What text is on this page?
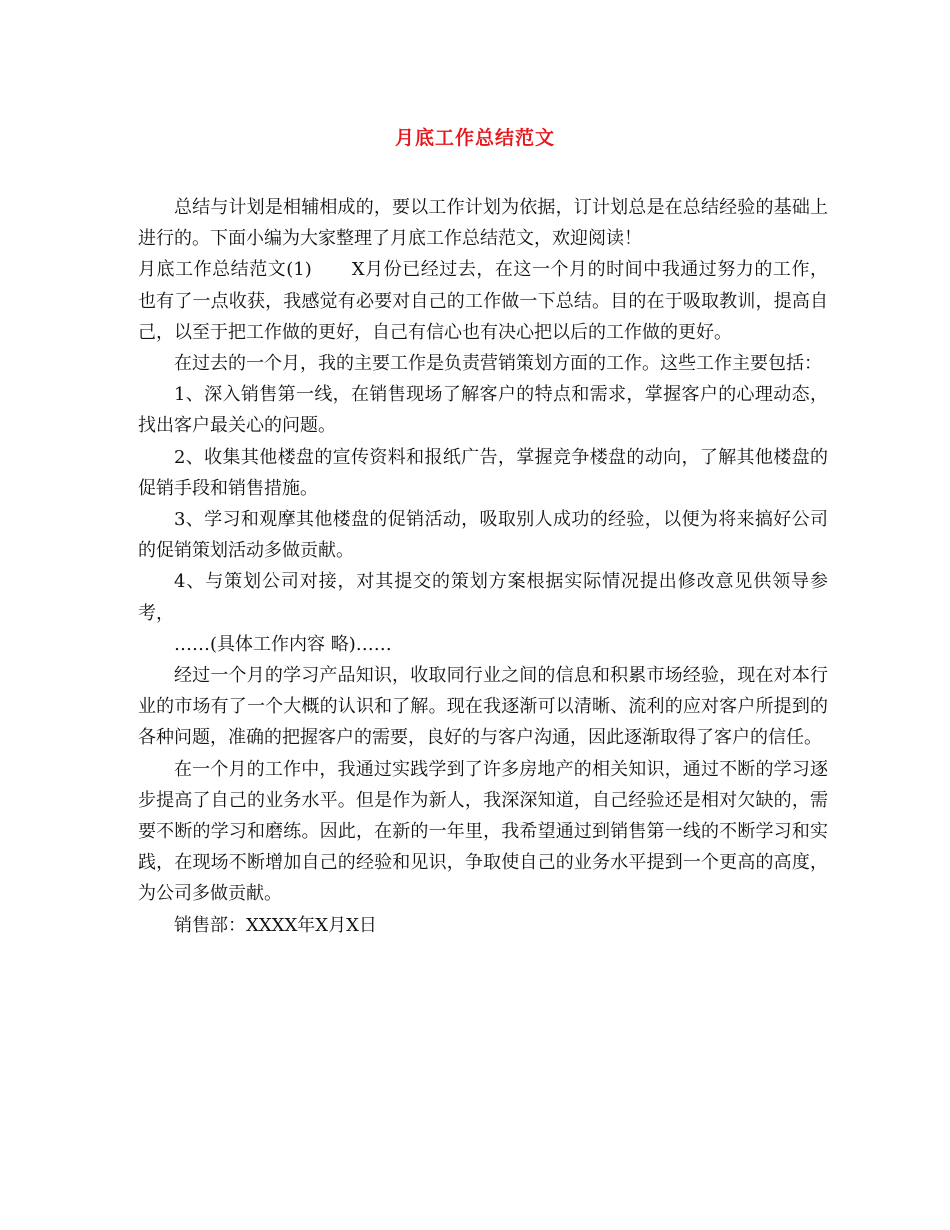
月底工作总结范文

总结与计划是相辅相成的，要以工作计划为依据，订计划总是在总结经验的基础上进行的。下面小编为大家整理了月底工作总结范文，欢迎阅读！

月底工作总结范文(1) X月份已经过去，在这一个月的时间中我通过努力的工作，也有了一点收获，我感觉有必要对自己的工作做一下总结。目的在于吸取教训，提高自己，以至于把工作做的更好，自己有信心也有决心把以后的工作做的更好。

在过去的一个月，我的主要工作是负责营销策划方面的工作。这些工作主要包括：

1、深入销售第一线，在销售现场了解客户的特点和需求，掌握客户的心理动态，找出客户最关心的问题。

2、收集其他楼盘的宣传资料和报纸广告，掌握竞争楼盘的动向，了解其他楼盘的促销手段和销售措施。

3、学习和观摩其他楼盘的促销活动，吸取别人成功的经验，以便为将来搞好公司的促销策划活动多做贡献。

4、与策划公司对接，对其提交的策划方案根据实际情况提出修改意见供领导参考，

……(具体工作内容 略)……

经过一个月的学习产品知识，收取同行业之间的信息和积累市场经验，现在对本行业的市场有了一个大概的认识和了解。现在我逐渐可以清晰、流利的应对客户所提到的各种问题，准确的把握客户的需要，良好的与客户沟通，因此逐渐取得了客户的信任。

在一个月的工作中，我通过实践学到了许多房地产的相关知识，通过不断的学习逐步提高了自己的业务水平。但是作为新人，我深深知道，自己经验还是相对欠缺的，需要不断的学习和磨练。因此，在新的一年里，我希望通过到销售第一线的不断学习和实践，在现场不断增加自己的经验和见识，争取使自己的业务水平提到一个更高的高度，为公司多做贡献。

销售部：XXXX年X月X日
